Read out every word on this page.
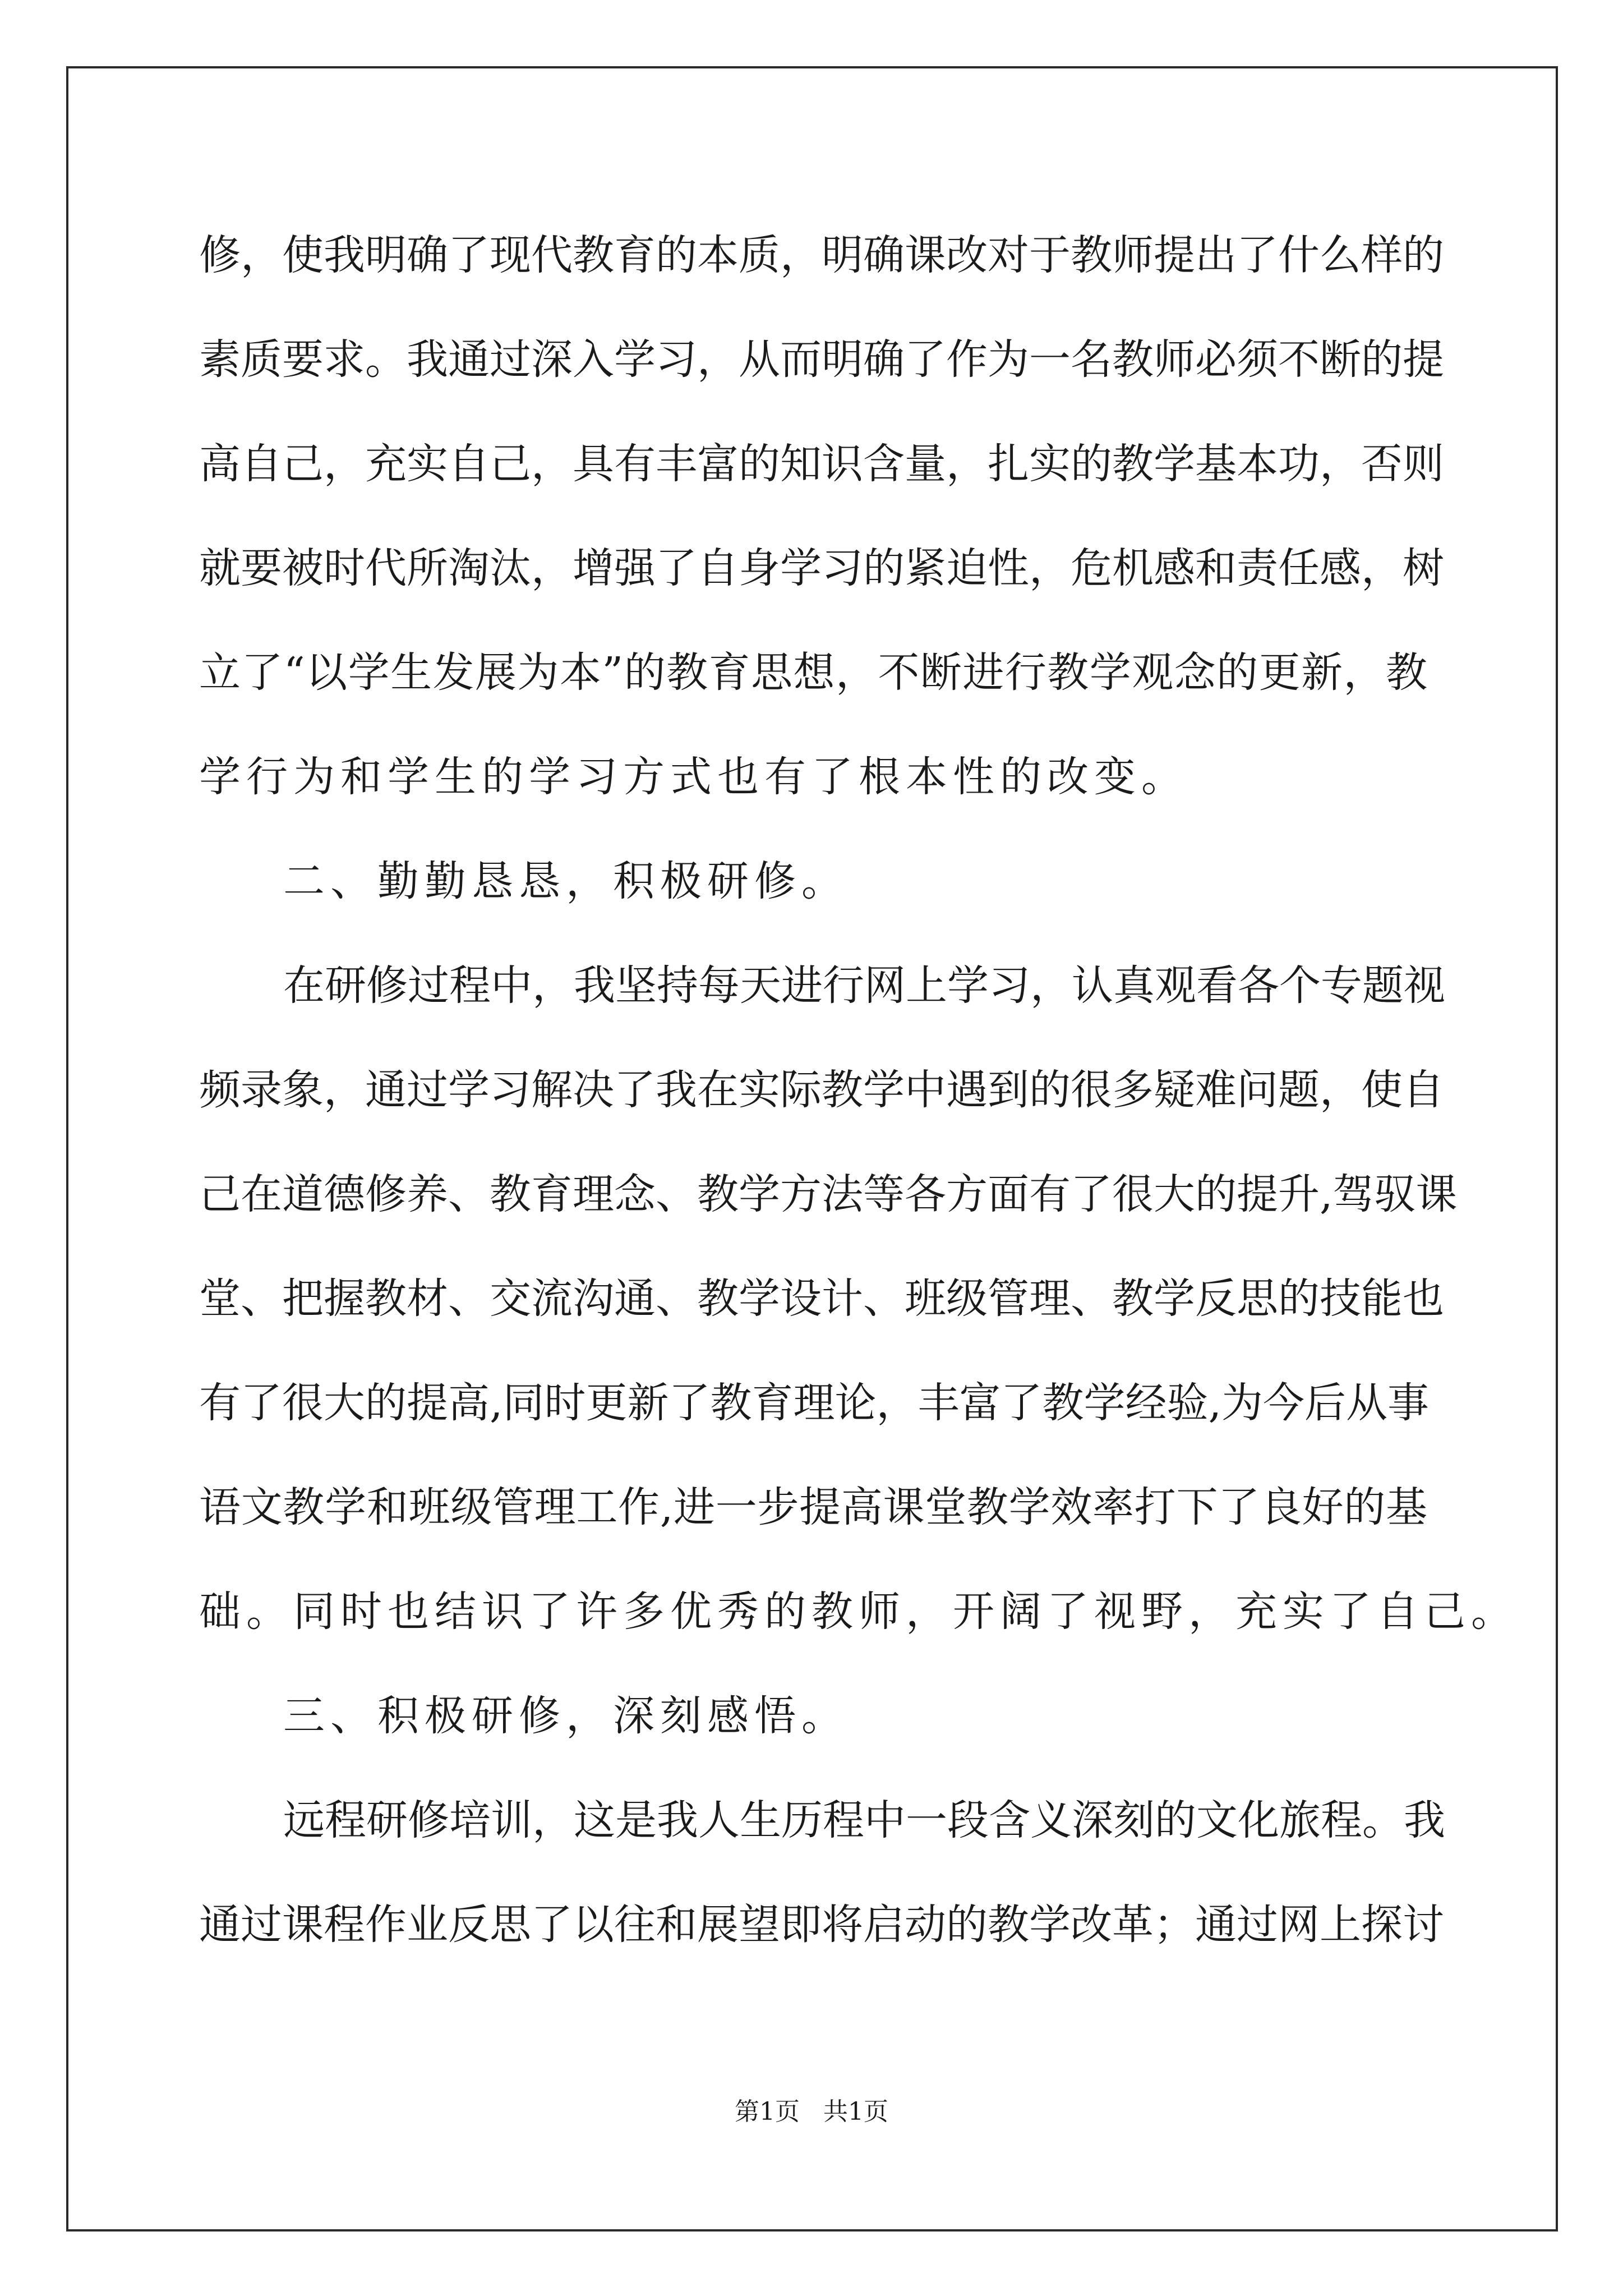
修，使我明确了现代教育的本质，明确课改对于教师提出了什么样的
素质要求。我通过深入学习，从而明确了作为一名教师必须不断的提
高自己，充实自己，具有丰富的知识含量，扎实的教学基本功，否则
就要被时代所淘汰，增强了自身学习的紧迫性，危机感和责任感，树
立了“以学生发展为本”的教育思想，不断进行教学观念的更新，教
学行为和学生的学习方式也有了根本性的改变。
二、勤勤恳恳，积极研修。
在研修过程中，我坚持每天进行网上学习，认真观看各个专题视
频录象，通过学习解决了我在实际教学中遇到的很多疑难问题，使自
己在道德修养、教育理念、教学方法等各方面有了很大的提升,驾驭课
堂、把握教材、交流沟通、教学设计、班级管理、教学反思的技能也
有了很大的提高,同时更新了教育理论，丰富了教学经验,为今后从事
语文教学和班级管理工作,进一步提高课堂教学效率打下了良好的基
础。同时也结识了许多优秀的教师，开阔了视野，充实了自己。
三、积极研修，深刻感悟。
远程研修培训，这是我人生历程中一段含义深刻的文化旅程。我
通过课程作业反思了以往和展望即将启动的教学改革；通过网上探讨
第1页 共1页
